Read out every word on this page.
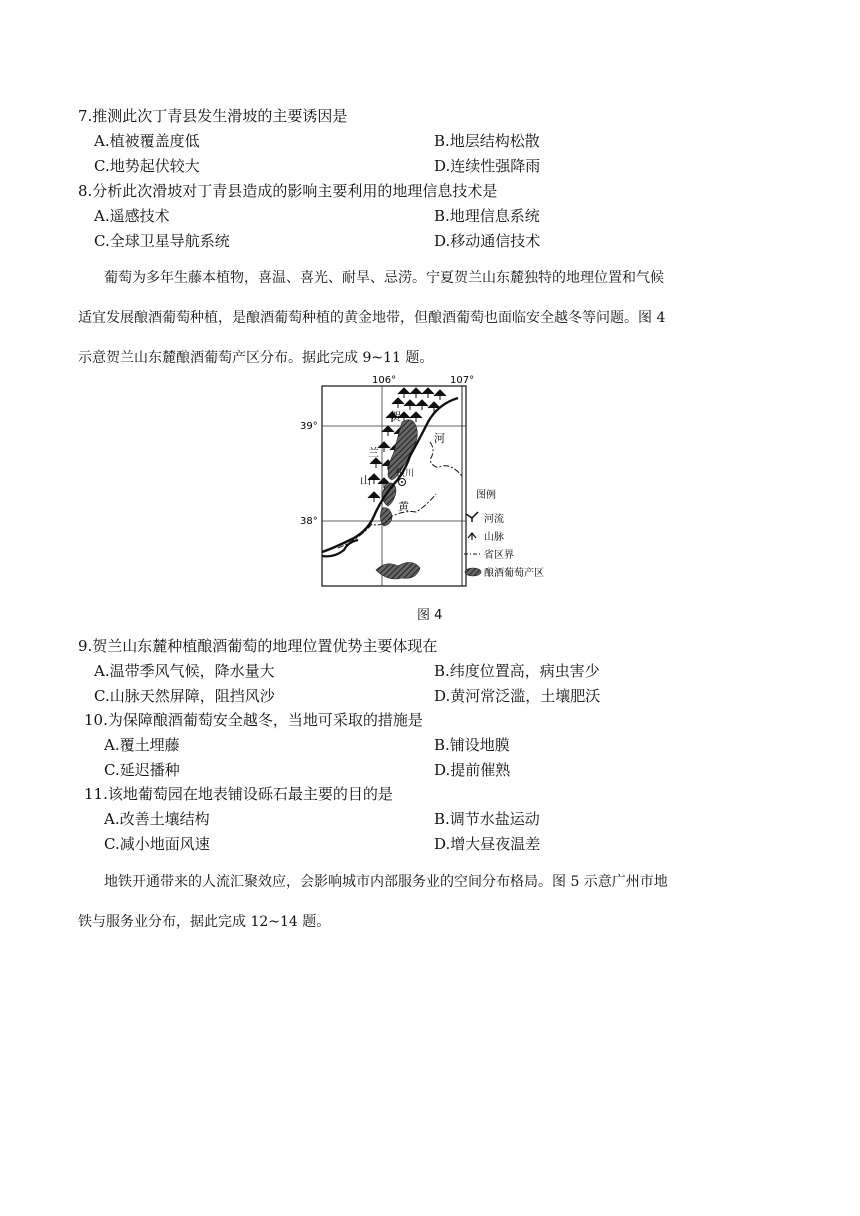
7.推测此次丁青县发生滑坡的主要诱因是
A.植被覆盖度低	B.地层结构松散
C.地势起伏较大	D.连续性强降雨
8.分析此次滑坡对丁青县造成的影响主要利用的地理信息技术是
A.遥感技术	B.地理信息系统
C.全球卫星导航系统	D.移动通信技术
葡萄为多年生藤本植物，喜温、喜光、耐旱、忌涝。宁夏贺兰山东麓独特的地理位置和气候
适宜发展酿酒葡萄种植，是酿酒葡萄种植的黄金地带，但酿酒葡萄也面临安全越冬等问题。图 4
示意贺兰山东麓酿酒葡萄产区分布。据此完成 9~11 题。
106°	107°
39°
38°
贺
兰
山
河
黄
银川
图例
河流
山脉
省区界
酿酒葡萄产区
图 4
9.贺兰山东麓种植酿酒葡萄的地理位置优势主要体现在
A.温带季风气候，降水量大	B.纬度位置高，病虫害少
C.山脉天然屏障，阻挡风沙	D.黄河常泛滥，土壤肥沃
10.为保障酿酒葡萄安全越冬，当地可采取的措施是
A.覆土埋藤	B.铺设地膜
C.延迟播种	D.提前催熟
11.该地葡萄园在地表铺设砾石最主要的目的是
A.改善土壤结构	B.调节水盐运动
C.减小地面风速	D.增大昼夜温差
地铁开通带来的人流汇聚效应，会影响城市内部服务业的空间分布格局。图 5 示意广州市地
铁与服务业分布，据此完成 12~14 题。
